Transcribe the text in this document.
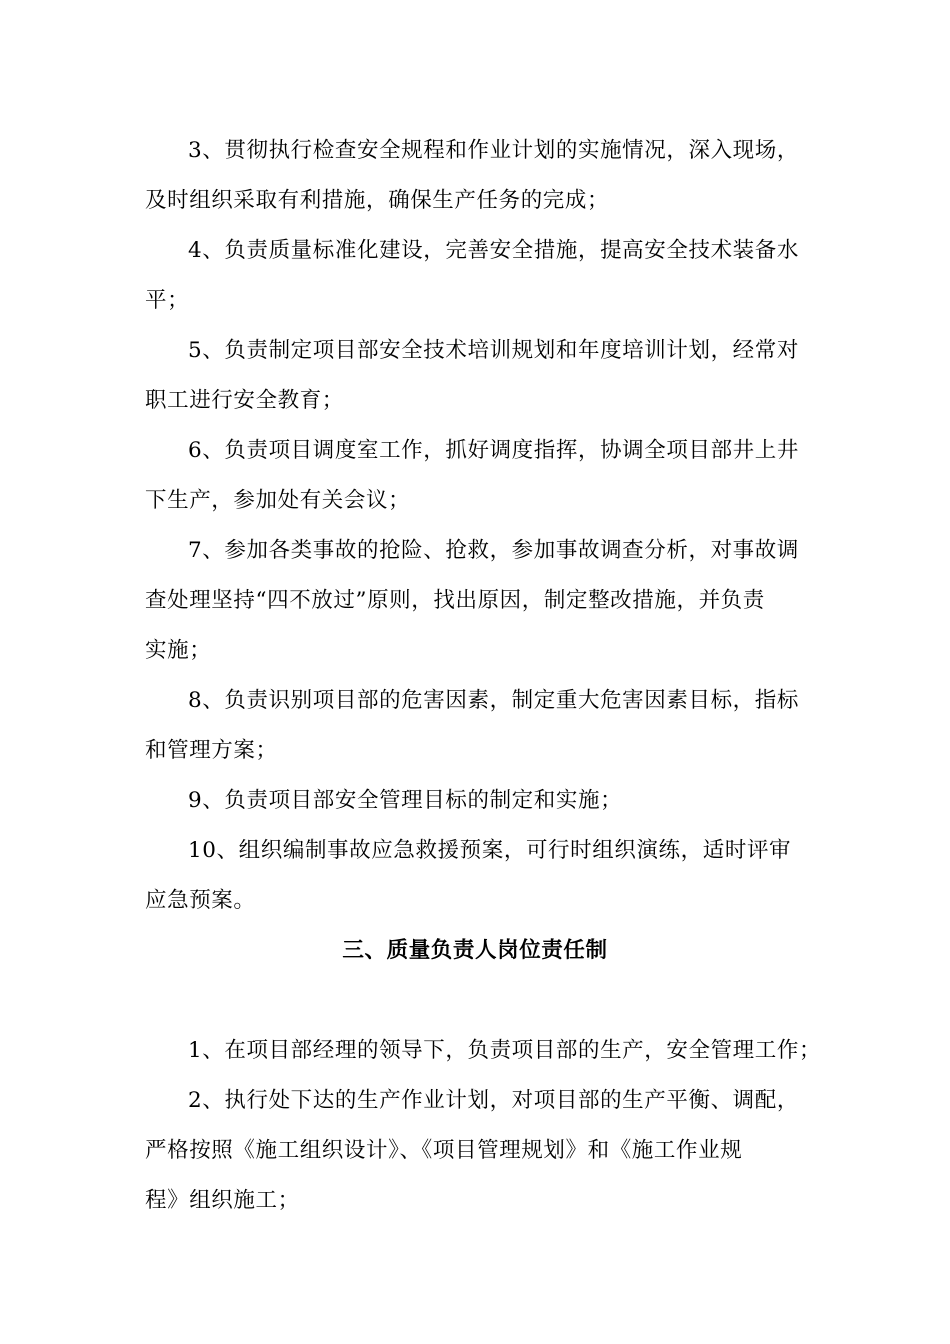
3、贯彻执行检查安全规程和作业计划的实施情况，深入现场，
及时组织采取有利措施，确保生产任务的完成；
4、负责质量标准化建设，完善安全措施，提高安全技术装备水
平；
5、负责制定项目部安全技术培训规划和年度培训计划，经常对
职工进行安全教育；
6、负责项目调度室工作，抓好调度指挥，协调全项目部井上井
下生产，参加处有关会议；
7、参加各类事故的抢险、抢救，参加事故调查分析，对事故调
查处理坚持“四不放过”原则，找出原因，制定整改措施，并负责
实施；
8、负责识别项目部的危害因素，制定重大危害因素目标，指标
和管理方案；
9、负责项目部安全管理目标的制定和实施；
10、组织编制事故应急救援预案，可行时组织演练，适时评审
应急预案。
三、质量负责人岗位责任制
1、在项目部经理的领导下，负责项目部的生产，安全管理工作；
2、执行处下达的生产作业计划，对项目部的生产平衡、调配，
严格按照《施工组织设计》、《项目管理规划》和《施工作业规
程》组织施工；
